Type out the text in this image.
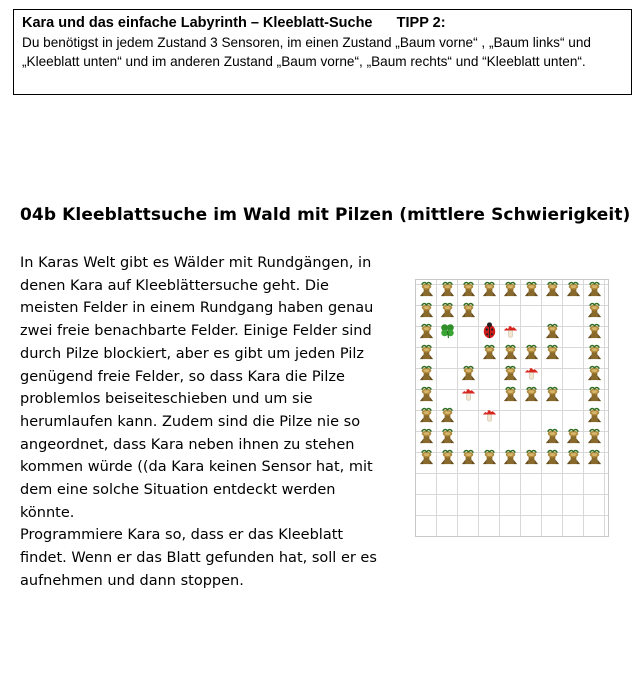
Kara und das einfache Labyrinth – Kleeblatt-Suche      TIPP 2:
Du benötigst in jedem Zustand 3 Sensoren, im einen Zustand „Baum vorne“ , „Baum links“ und „Kleeblatt unten“ und im anderen Zustand „Baum vorne“, „Baum rechts“ und “Kleeblatt unten“.
04b Kleeblattsuche im Wald mit Pilzen (mittlere Schwierigkeit)

In Karas Welt gibt es Wälder mit Rundgängen, in denen Kara auf Kleeblättersuche geht. Die meisten Felder in einem Rundgang haben genau zwei freie benachbarte Felder. Einige Felder sind durch Pilze blockiert, aber es gibt um jeden Pilz genügend freie Felder, so dass Kara die Pilze problemlos beiseiteschieben und um sie herumlaufen kann. Zudem sind die Pilze nie so angeordnet, dass Kara neben ihnen zu stehen kommen würde ((da Kara keinen Sensor hat, mit dem eine solche Situation entdeckt werden könnte.

Programmiere Kara so, dass er das Kleeblatt findet. Wenn er das Blatt gefunden hat, soll er es aufnehmen und dann stoppen.
